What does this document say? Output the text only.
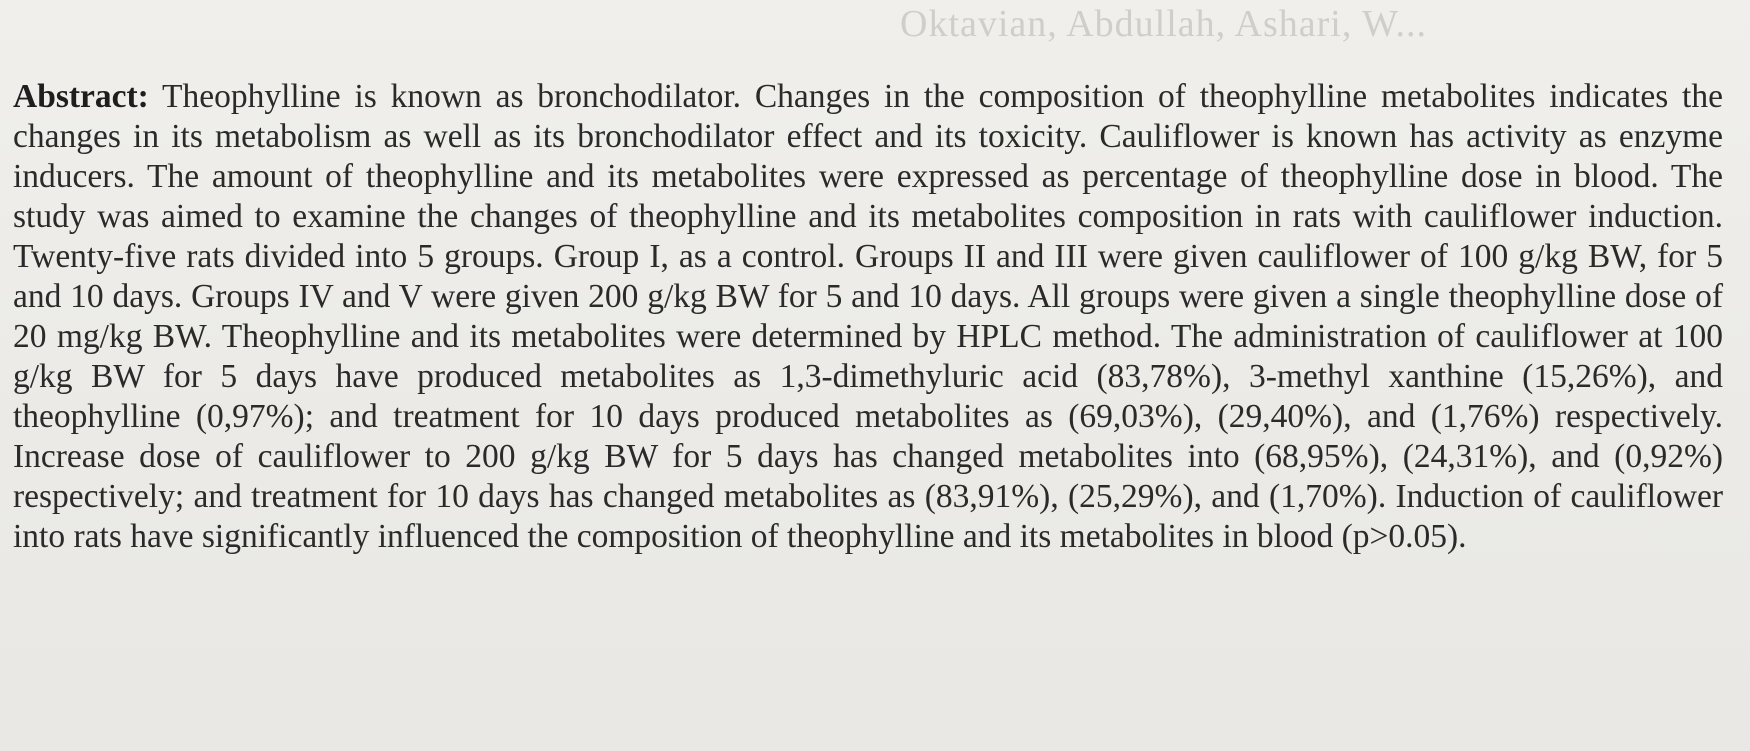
Oktavian, Abdullah, Ashari, W...

Abstract: Theophylline is known as bronchodilator. Changes in the composition of theophylline metabolites indicates the changes in its metabolism as well as its bronchodilator effect and its toxicity. Cauliflower is known has activity as enzyme inducers. The amount of theophylline and its metabolites were expressed as percentage of theophylline dose in blood. The study was aimed to examine the changes of theophylline and its metabolites composition in rats with cauliflower induction. Twenty-five rats divided into 5 groups. Group I, as a control. Groups II and III were given cauliflower of 100 g/kg BW, for 5 and 10 days. Groups IV and V were given 200 g/kg BW for 5 and 10 days. All groups were given a single theophylline dose of 20 mg/kg BW. Theophylline and its metabolites were determined by HPLC method. The administration of cauliflower at 100 g/kg BW for 5 days have produced metabolites as 1,3-dimethyluric acid (83,78%), 3-methyl xanthine (15,26%), and theophylline (0,97%); and treatment for 10 days produced metabolites as (69,03%), (29,40%), and (1,76%) respectively. Increase dose of cauliflower to 200 g/kg BW for 5 days has changed metabolites into (68,95%), (24,31%), and (0,92%) respectively; and treatment for 10 days has changed metabolites as (83,91%), (25,29%), and (1,70%). Induction of cauliflower into rats have significantly influenced the composition of theophylline and its metabolites in blood (p>0.05).
